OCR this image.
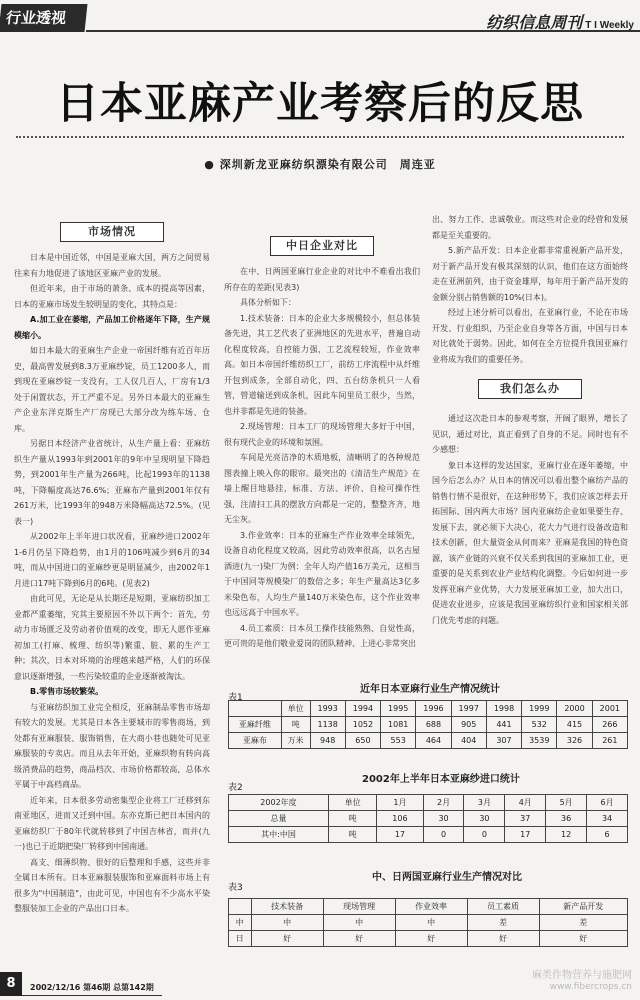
行业透视	纺织信息周刊 T I Weekly
日本亚麻产业考察后的反思
● 深圳新龙亚麻纺织漂染有限公司　周连亚
市场情况

日本是中国近邻，中国是亚麻大国，两方之间贸易往来有力地促进了该地区亚麻产业的发展。

但近年来，由于市场的萧条、成本的提高等因素，日本的亚麻市场发生较明显的变化，其特点是：

A.加工业在萎缩，产品加工价格逐年下降，生产规模缩小。

如日本最大的亚麻生产企业一帝国纤维有近百年历史，最高曾发展到8.3万亚麻纱锭，员工1200多人，而到现在亚麻纱锭一支没有，工人仅几百人，厂房有1/3处于闲置状态，开工严重不足。另外日本最大的亚麻生产企业东洋克斯生产厂房现已大部分改为练车场、仓库。

另据日本经济产业省统计，从生产量上看：亚麻纺织生产量从1993年到2001年的9年中呈现明显下降趋势，到2001年生产量为266吨，比起1993年的1138吨，下降幅度高达76.6%；亚麻布产量到2001年仅有261万米，比1993年的948万米降幅高达72.5%。(见表一)

从2002年上半年进口状况看，亚麻纱进口2002年1-6月仍呈下降趋势，由1月的106吨减少到6月的34吨，而从中国进口的亚麻纱更是明显减少，由2002年1月进口17吨下降到6月的6吨。(见表2)

由此可见，无论是从长期还是短期，亚麻纺织加工业都严重萎缩，究其主要原因不外以下两个：首先，劳动力市场匮乏及劳动者价值观的改变，即无人愿作亚麻初加工(打麻、梳理、纺织等)繁重、脏、累的生产工种；其次，日本对环境的治理越来越严格，人们的环保意识逐渐增强，一些污染较重的企业逐渐被淘汰。

B.零售市场较繁荣。

与亚麻纺织加工业完全相反，亚麻制品零售市场却有较大的发展。尤其是日本各主要城市的零售商场，到处都有亚麻服装、服饰销售，在大商小巷也随处可见亚麻服装的专卖店。而且从去年开始，亚麻织物有转向高级消费品的趋势，商品档次、市场价格都较高，总体水平属于中高档商品。

近年来，日本很多劳动密集型企业将工厂迁移到东南亚地区，进而又迁到中国。东亦克斯已把日本国内的亚麻纺织厂于80年代就转移到了中国吉林省，而并(九一)也已于近期把染厂转移到中国南通。

高支、细薄织物、很好的后整理和手感，这些并非全属日本所有。日本亚麻服装服饰和亚麻面料市场上有很多为"中国制造"，由此可见，中国也有不少高水平染整服装加工企业的产品出口日本。

中日企业对比

在中、日两国亚麻行业企业的对比中不难看出我们所存在的差距(见表3)

具体分析如下：

1.技术装备：日本的企业大多规模较小，但总体装备先进，其工艺代表了亚洲地区的先进水平，普遍自动化程度较高，自控能力强，工艺流程较短，作业效率高。如日本帝国纤维纺织工厂，前纺工序流程中从纤维开包到成条，全部自动化，四、五台纺条机只一人看管，管道输送到成条机，因此车间里员工很少，当然，也并非都是先进的装备。

2.现场管理：日本工厂的现场管理大多好于中国，很有现代企业的环境和氛围。

车间是光亮洁净的木质地板，清晰明了的各种规范图表撞上映入你的眼帘。最突出的《清洁生产规范》在墙上醒目地悬挂，标准、方法、评价、自检可操作性强，注清扫工具的摆放方向都是一定的，整整齐齐，地无尘灰。

3.作业效率：日本的亚麻生产作业效率全球领先，设备自动化程度又较高，因此劳动效率很高，以名古屋酒进(九一)染厂为例：全年人均产值16万美元，这相当于中国同等规模染厂的数倍之多；年生产量高达3亿多米染色布，人均生产量140万米染色布，这个作业效率也远远高于中国水平。

4.员工素质：日本员工操作技能熟熟、自觉性高，更可贵的是他们敬业爱岗的团队精神、上进心非常突出

出、努力工作、忠诚敬业。而这些对企业的经营和发展都是至关重要的。

5.新产品开发：日本企业都非常重视新产品开发，对于新产品开发有极其深刻的认识，他们在这方面始终走在亚洲前列，由于资金雄厚，每年用于新产品开发的金额分别占销售额的10%(日本)。

经过上述分析可以看出，在亚麻行业，不论在市场开发、行业组织，乃至企业自身等各方面，中国与日本对比就处于弱势。因此，如何在全方位提升我国亚麻行业将成为我们的重要任务。

我们怎么办

通过这次赴日本的参观考察，开阔了眼界，增长了见识，通过对比，真正看到了自身的不足。同时也有不少感想：

象日本这样的发达国家，亚麻行业在逐年萎缩，中国今后怎么办？从日本的情况可以看出整个麻纺产品的销售行情不是很好，在这种形势下，我们应该怎样去开拓国际、国内两大市场？国内亚麻纺企业如果要生存、发展下去，就必须下大决心，花大力气进行设备改造和技术创新，但大量资金从何而来？亚麻是我国的特色资源，该产业链的兴衰不仅关系到我国的亚麻加工业，更重要的是关系到农业产业结构化调整。今后如何进一步发挥亚麻产业优势，大力发展亚麻加工业，加大出口，促进农业进步，应该是我国亚麻纺织行业和国家相关部门优先考虑的问题。

表1
近年日本亚麻行业生产情况统计
	单位	1993	1994	1995	1996	1997	1998	1999	2000	2001
亚麻纤维	吨	1138	1052	1081	688	905	441	532	415	266
亚麻布	万米	948	650	553	464	404	307	3539	326	261
表2
2002年上半年日本亚麻纱进口统计
2002年度	单位	1月	2月	3月	4月	5月	6月
总量	吨	106	30	30	37	36	34
其中:中国	吨	17	0	0	17	12	6
表3
中、日两国亚麻行业生产情况对比
	技术装备	现场管理	作业效率	员工素质	新产品开发
中	中	中	中	差	差
日	好	好	好	好	好
8	2002/12/16 第46期 总第142期
麻类作物营养与施肥网
www.fibercrops.cn
